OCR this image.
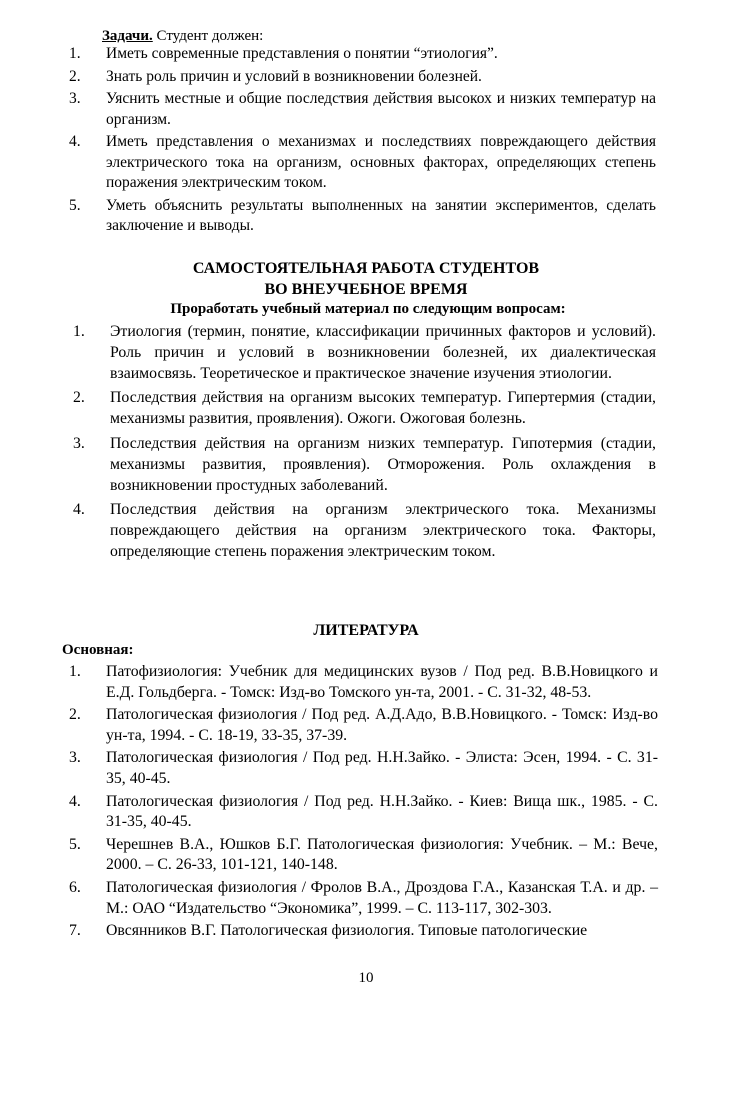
Задачи. Студент должен:
1. Иметь современные представления о понятии “этиология”.
2. Знать роль причин и условий в возникновении болезней.
3. Уяснить местные и общие последствия действия высокох и низких температур на организм.
4. Иметь представления о механизмах и последствиях повреждающего действия электрического тока на организм, основных факторах, определяющих степень поражения электрическим током.
5. Уметь объяснить результаты выполненных на занятии экспериментов, сделать заключение и выводы.
САМОСТОЯТЕЛЬНАЯ РАБОТА СТУДЕНТОВ
ВО ВНЕУЧЕБНОЕ ВРЕМЯ
Проработать учебный материал по следующим вопросам:
1. Этиология (термин, понятие, классификации причинных факторов и условий). Роль причин и условий в возникновении болезней, их диалектическая взаимосвязь. Теоретическое и практическое значение изучения этиологии.
2. Последствия действия на организм высоких температур. Гипертермия (стадии, механизмы развития, проявления). Ожоги. Ожоговая болезнь.
3. Последствия действия на организм низких температур. Гипотермия (стадии, механизмы развития, проявления). Отморожения. Роль охлаждения в возникновении простудных заболеваний.
4. Последствия действия на организм электрического тока. Механизмы повреждающего действия на организм электрического тока. Факторы, определяющие степень поражения электрическим током.
ЛИТЕРАТУРА
Основная:
1. Патофизиология: Учебник для медицинских вузов / Под ред. В.В.Новицкого и Е.Д. Гольдберга. - Томск: Изд-во Томского ун-та, 2001. - С. 31-32, 48-53.
2. Патологическая физиология / Под ред. А.Д.Адо, В.В.Новицкого. - Томск: Изд-во ун-та, 1994. - С. 18-19, 33-35, 37-39.
3. Патологическая физиология / Под ред. Н.Н.Зайко. - Элиста: Эсен, 1994. - С. 31-35, 40-45.
4. Патологическая физиология / Под ред. Н.Н.Зайко. - Киев: Вища шк., 1985. - С. 31-35, 40-45.
5. Черешнев В.А., Юшков Б.Г. Патологическая физиология: Учебник. – М.: Вече, 2000. – С. 26-33, 101-121, 140-148.
6. Патологическая физиология / Фролов В.А., Дроздова Г.А., Казанская Т.А. и др. – М.: ОАО “Издательство “Экономика”, 1999. – С. 113-117, 302-303.
7. Овсянников В.Г. Патологическая физиология. Типовые патологические
10
